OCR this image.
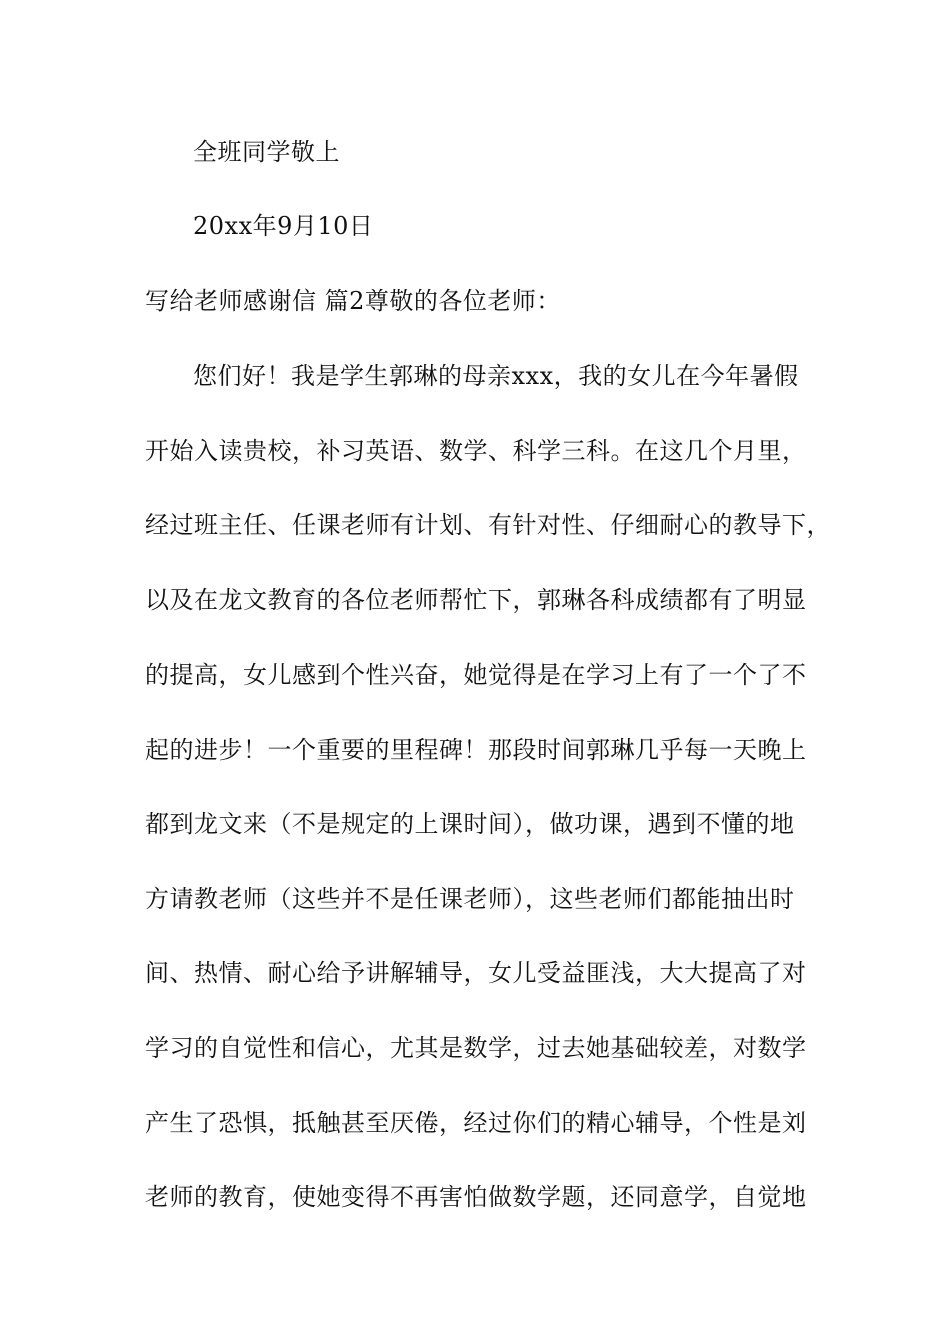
全班同学敬上
20xx年9月10日
写给老师感谢信 篇2尊敬的各位老师：
您们好！我是学生郭琳的母亲xxx，我的女儿在今年暑假
开始入读贵校，补习英语、数学、科学三科。在这几个月里，
经过班主任、任课老师有计划、有针对性、仔细耐心的教导下，
以及在龙文教育的各位老师帮忙下，郭琳各科成绩都有了明显
的提高，女儿感到个性兴奋，她觉得是在学习上有了一个了不
起的进步！一个重要的里程碑！那段时间郭琳几乎每一天晚上
都到龙文来（不是规定的上课时间），做功课，遇到不懂的地
方请教老师（这些并不是任课老师），这些老师们都能抽出时
间、热情、耐心给予讲解辅导，女儿受益匪浅，大大提高了对
学习的自觉性和信心，尤其是数学，过去她基础较差，对数学
产生了恐惧，抵触甚至厌倦，经过你们的精心辅导，个性是刘
老师的教育，使她变得不再害怕做数学题，还同意学，自觉地
